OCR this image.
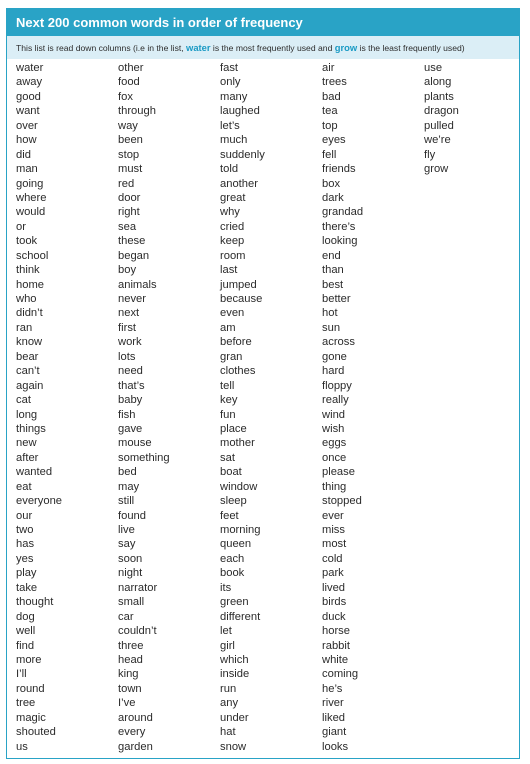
Next 200 common words in order of frequency
This list is read down columns (i.e in the list, water is the most frequently used and grow is the least frequently used)
water
away
good
want
over
how
did
man
going
where
would
or
took
school
think
home
who
didn’t
ran
know
bear
can’t
again
cat
long
things
new
after
wanted
eat
everyone
our
two
has
yes
play
take
thought
dog
well
find
more
I’ll
round
tree
magic
shouted
us
other
food
fox
through
way
been
stop
must
red
door
right
sea
these
began
boy
animals
never
next
first
work
lots
need
that’s
baby
fish
gave
mouse
something
bed
may
still
found
live
say
soon
night
narrator
small
car
couldn’t
three
head
king
town
I’ve
around
every
garden
fast
only
many
laughed
let’s
much
suddenly
told
another
great
why
cried
keep
room
last
jumped
because
even
am
before
gran
clothes
tell
key
fun
place
mother
sat
boat
window
sleep
feet
morning
queen
each
book
its
green
different
let
girl
which
inside
run
any
under
hat
snow
air
trees
bad
tea
top
eyes
fell
friends
box
dark
grandad
there’s
looking
end
than
best
better
hot
sun
across
gone
hard
floppy
really
wind
wish
eggs
once
please
thing
stopped
ever
miss
most
cold
park
lived
birds
duck
horse
rabbit
white
coming
he’s
river
liked
giant
looks
use
along
plants
dragon
pulled
we’re
fly
grow
